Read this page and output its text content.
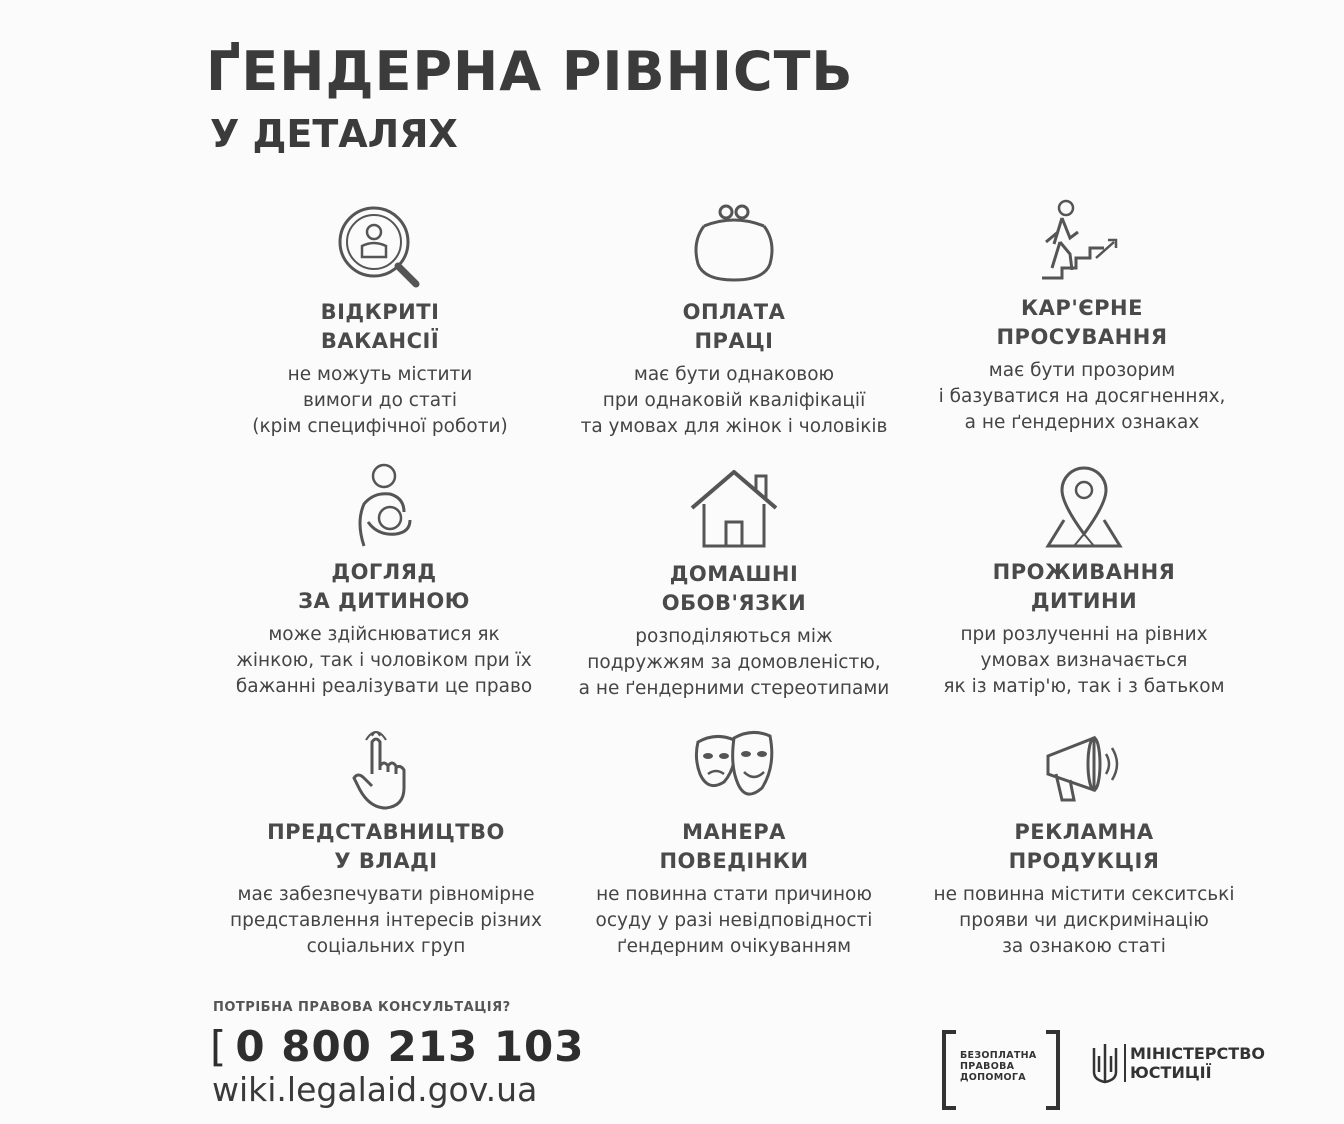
ҐЕНДЕРНА РІВНІСТЬ
У ДЕТАЛЯХ
ВІДКРИТІ
ВАКАНСІЇ
не можуть містити
вимоги до статі
(крім специфічної роботи)
ОПЛАТА
ПРАЦІ
має бути однаковою
при однаковій кваліфікації
та умовах для жінок і чоловіків
КАР'ЄРНЕ
ПРОСУВАННЯ
має бути прозорим
і базуватися на досягненнях,
а не ґендерних ознаках
ДОГЛЯД
ЗА ДИТИНОЮ
може здійснюватися як
жінкою, так і чоловіком при їх
бажанні реалізувати це право
ДОМАШНІ
ОБОВ'ЯЗКИ
розподіляються між
подружжям за домовленістю,
а не ґендерними стереотипами
ПРОЖИВАННЯ
ДИТИНИ
при розлученні на рівних
умовах визначається
як із матір'ю, так і з батьком
ПРЕДСТАВНИЦТВО
У ВЛАДІ
має забезпечувати рівномірне
представлення інтересів різних
соціальних груп
МАНЕРА
ПОВЕДІНКИ
не повинна стати причиною
осуду у разі невідповідності
ґендерним очікуванням
РЕКЛАМНА
ПРОДУКЦІЯ
не повинна містити секситські
прояви чи дискримінацію
за ознакою статі
ПОТРІБНА ПРАВОВА КОНСУЛЬТАЦІЯ?
[ 0 800 213 103
wiki.legalaid.gov.ua
БЕЗОПЛАТНА
ПРАВОВА
ДОПОМОГА
МІНІСТЕРСТВО
ЮСТИЦІЇ
